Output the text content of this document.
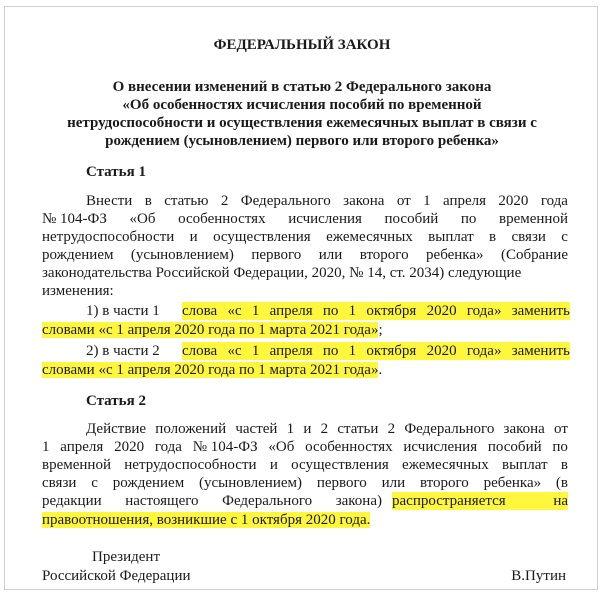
ФЕДЕРАЛЬНЫЙ ЗАКОН
О внесении изменений в статью 2 Федерального закона
«Об особенностях исчисления пособий по временной
нетрудоспособности и осуществления ежемесячных выплат в связи с
рождением (усыновлением) первого или второго ребенка»
Статья 1
Внести в статью 2 Федерального закона от 1 апреля 2020 года
№ 104-ФЗ «Об особенностях исчисления пособий по временной
нетрудоспособности и осуществления ежемесячных выплат в связи с
рождением (усыновлением) первого или второго ребенка» (Собрание
законодательства Российской Федерации, 2020, № 14, ст. 2034) следующие
изменения:
1) в части 1 слова «с 1 апреля по 1 октября 2020 года» заменить
словами «с 1 апреля 2020 года по 1 марта 2021 года»;
2) в части 2 слова «с 1 апреля по 1 октября 2020 года» заменить
словами «с 1 апреля 2020 года по 1 марта 2021 года».
Статья 2
Действие положений частей 1 и 2 статьи 2 Федерального закона от
1 апреля 2020 года № 104-ФЗ «Об особенностях исчисления пособий по
временной нетрудоспособности и осуществления ежемесячных выплат в
связи с рождением (усыновлением) первого или второго ребенка» (в
редакции настоящего Федерального закона) распространяется	на
правоотношения, возникшие с 1 октября 2020 года.
Президент
Российской Федерации	В.Путин
